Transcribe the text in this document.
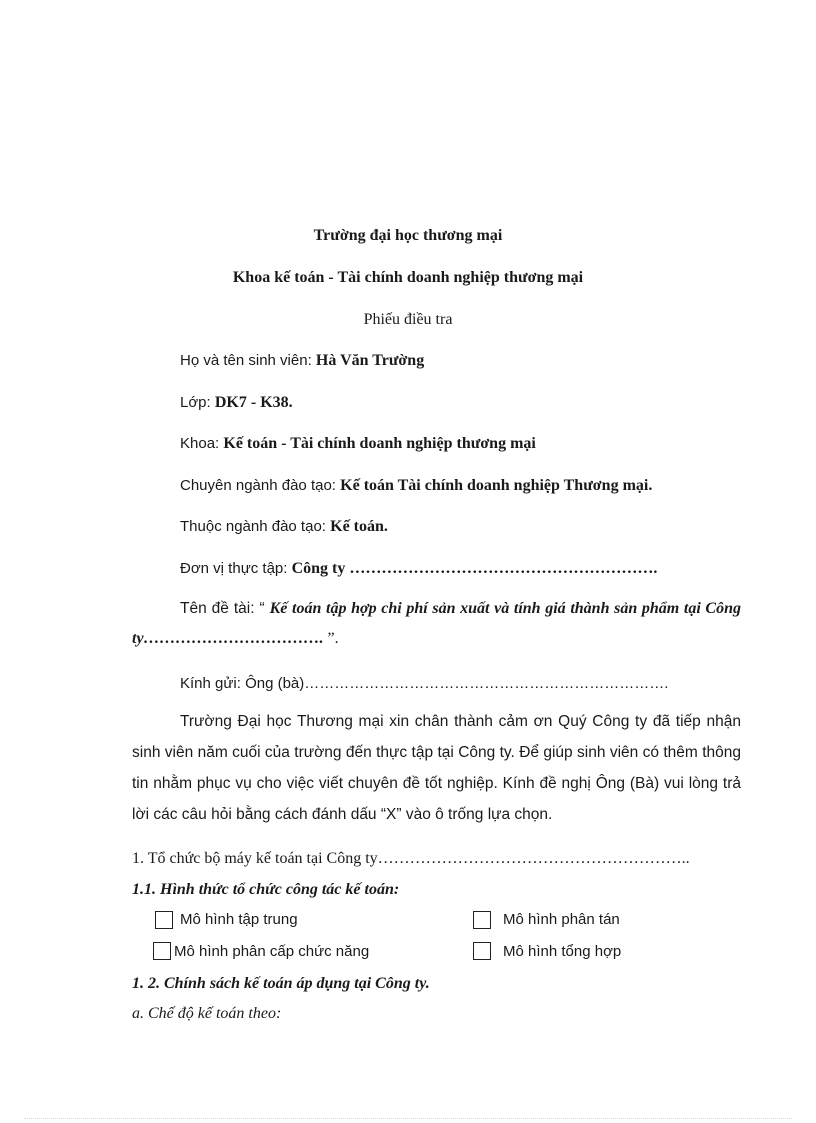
Trường đại học thương mại
Khoa kế toán - Tài chính doanh nghiệp thương mại
Phiếu điều tra
Họ và tên sinh viên: Hà Văn Trường
Lớp: DK7 - K38.
Khoa: Kế toán - Tài chính doanh nghiệp thương mại
Chuyên ngành đào tạo: Kế toán Tài chính doanh nghiệp Thương mại.
Thuộc ngành đào tạo: Kế toán.
Đơn vị thực tập: Công ty ………………………………………………….
Tên đề tài: “ Kế toán tập hợp chi phí sản xuất và tính giá thành sản phẩm tại Công ty……………………………. ”.
Kính gửi: Ông (bà)……………………………………………………………….
Trường Đại học Thương mại xin chân thành cảm ơn Quý Công ty đã tiếp nhận sinh viên năm cuối của trường đến thực tập tại Công ty. Để giúp sinh viên có thêm thông tin nhằm phục vụ cho việc viết chuyên đề tốt nghiệp. Kính đề nghị Ông (Bà) vui lòng trả lời các câu hỏi bằng cách đánh dấu “X” vào ô trống lựa chọn.
1. Tổ chức bộ máy kế toán tại Công ty…………………………………………………..
1.1. Hình thức tổ chức công tác kế toán:
Mô hình tập trung	Mô hình phân tán
Mô hình phân cấp chức năng	Mô hình tổng hợp
1. 2. Chính sách kế toán áp dụng tại Công ty.
a. Chế độ kế toán theo:
